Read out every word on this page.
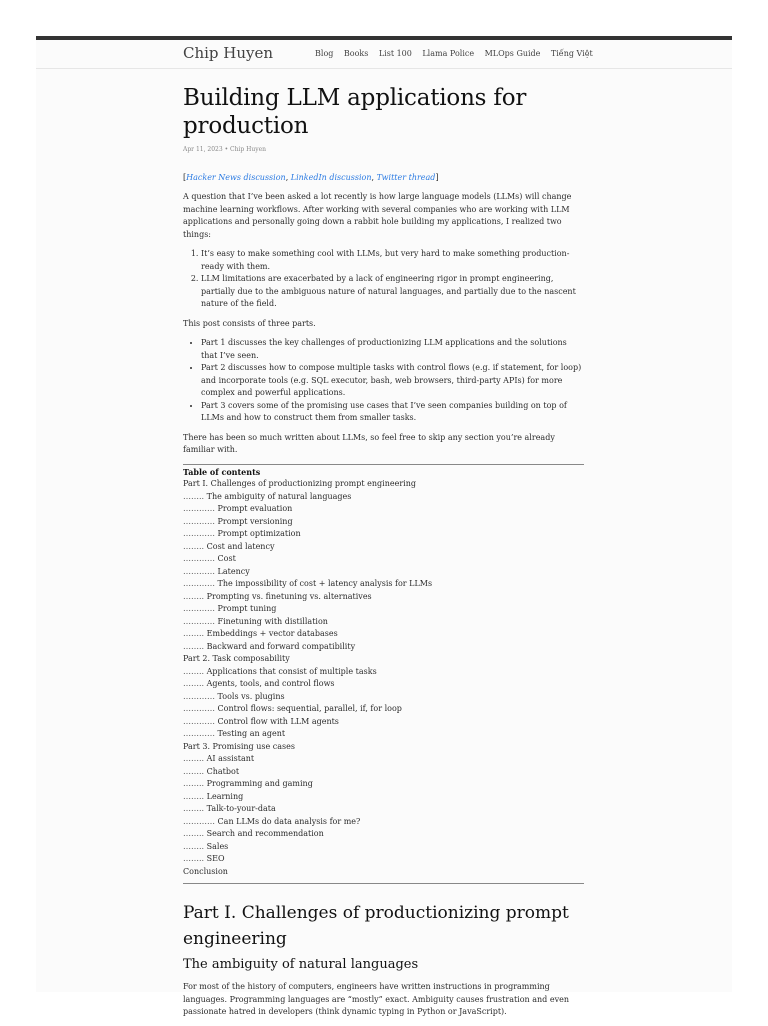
Chip Huyen	Blog Books List 100 Llama Police MLOps Guide Tiếng Việt
Building LLM applications for production
Apr 11, 2023 • Chip Huyen
[Hacker News discussion, LinkedIn discussion, Twitter thread]

A question that I’ve been asked a lot recently is how large language models (LLMs) will change machine learning workflows. After working with several companies who are working with LLM applications and personally going down a rabbit hole building my applications, I realized two things:

1. It’s easy to make something cool with LLMs, but very hard to make something production-ready with them.
2. LLM limitations are exacerbated by a lack of engineering rigor in prompt engineering, partially due to the ambiguous nature of natural languages, and partially due to the nascent nature of the field.

This post consists of three parts.

• Part 1 discusses the key challenges of productionizing LLM applications and the solutions that I’ve seen.
• Part 2 discusses how to compose multiple tasks with control flows (e.g. if statement, for loop) and incorporate tools (e.g. SQL executor, bash, web browsers, third-party APIs) for more complex and powerful applications.
• Part 3 covers some of the promising use cases that I’ve seen companies building on top of LLMs and how to construct them from smaller tasks.

There has been so much written about LLMs, so feel free to skip any section you’re already familiar with.

Table of contents
Part I. Challenges of productionizing prompt engineering
…….. The ambiguity of natural languages
………… Prompt evaluation
………… Prompt versioning
………… Prompt optimization
…….. Cost and latency
………… Cost
………… Latency
………… The impossibility of cost + latency analysis for LLMs
…….. Prompting vs. finetuning vs. alternatives
………… Prompt tuning
………… Finetuning with distillation
…….. Embeddings + vector databases
…….. Backward and forward compatibility
Part 2. Task composability
…….. Applications that consist of multiple tasks
…….. Agents, tools, and control flows
………… Tools vs. plugins
………… Control flows: sequential, parallel, if, for loop
………… Control flow with LLM agents
………… Testing an agent
Part 3. Promising use cases
…….. AI assistant
…….. Chatbot
…….. Programming and gaming
…….. Learning
…….. Talk-to-your-data
………… Can LLMs do data analysis for me?
…….. Search and recommendation
…….. Sales
…….. SEO
Conclusion
Part I. Challenges of productionizing prompt engineering
The ambiguity of natural languages

For most of the history of computers, engineers have written instructions in programming languages. Programming languages are “mostly” exact. Ambiguity causes frustration and even passionate hatred in developers (think dynamic typing in Python or JavaScript).
